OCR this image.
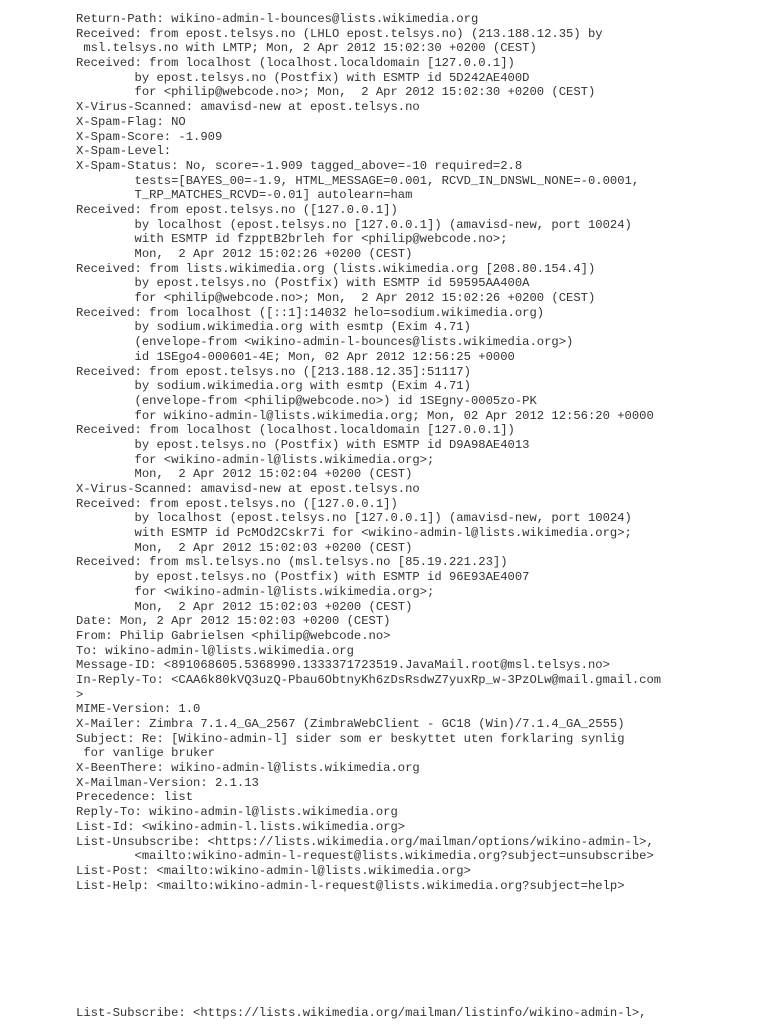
Return-Path: wikino-admin-l-bounces@lists.wikimedia.org
Received: from epost.telsys.no (LHLO epost.telsys.no) (213.188.12.35) by
msl.telsys.no with LMTP; Mon, 2 Apr 2012 15:02:30 +0200 (CEST)
Received: from localhost (localhost.localdomain [127.0.0.1])
by epost.telsys.no (Postfix) with ESMTP id 5D242AE400D
for <philip@webcode.no>; Mon,  2 Apr 2012 15:02:30 +0200 (CEST)
X-Virus-Scanned: amavisd-new at epost.telsys.no
X-Spam-Flag: NO
X-Spam-Score: -1.909
X-Spam-Level:
X-Spam-Status: No, score=-1.909 tagged_above=-10 required=2.8
tests=[BAYES_00=-1.9, HTML_MESSAGE=0.001, RCVD_IN_DNSWL_NONE=-0.0001,
T_RP_MATCHES_RCVD=-0.01] autolearn=ham
Received: from epost.telsys.no ([127.0.0.1])
by localhost (epost.telsys.no [127.0.0.1]) (amavisd-new, port 10024)
with ESMTP id fzpptB2brleh for <philip@webcode.no>;
Mon,  2 Apr 2012 15:02:26 +0200 (CEST)
Received: from lists.wikimedia.org (lists.wikimedia.org [208.80.154.4])
by epost.telsys.no (Postfix) with ESMTP id 59595AA400A
for <philip@webcode.no>; Mon,  2 Apr 2012 15:02:26 +0200 (CEST)
Received: from localhost ([::1]:14032 helo=sodium.wikimedia.org)
by sodium.wikimedia.org with esmtp (Exim 4.71)
(envelope-from <wikino-admin-l-bounces@lists.wikimedia.org>)
id 1SEgo4-000601-4E; Mon, 02 Apr 2012 12:56:25 +0000
Received: from epost.telsys.no ([213.188.12.35]:51117)
by sodium.wikimedia.org with esmtp (Exim 4.71)
(envelope-from <philip@webcode.no>) id 1SEgny-0005zo-PK
for wikino-admin-l@lists.wikimedia.org; Mon, 02 Apr 2012 12:56:20 +0000
Received: from localhost (localhost.localdomain [127.0.0.1])
by epost.telsys.no (Postfix) with ESMTP id D9A98AE4013
for <wikino-admin-l@lists.wikimedia.org>;
Mon,  2 Apr 2012 15:02:04 +0200 (CEST)
X-Virus-Scanned: amavisd-new at epost.telsys.no
Received: from epost.telsys.no ([127.0.0.1])
by localhost (epost.telsys.no [127.0.0.1]) (amavisd-new, port 10024)
with ESMTP id PcMOd2Cskr7i for <wikino-admin-l@lists.wikimedia.org>;
Mon,  2 Apr 2012 15:02:03 +0200 (CEST)
Received: from msl.telsys.no (msl.telsys.no [85.19.221.23])
by epost.telsys.no (Postfix) with ESMTP id 96E93AE4007
for <wikino-admin-l@lists.wikimedia.org>;
Mon,  2 Apr 2012 15:02:03 +0200 (CEST)
Date: Mon, 2 Apr 2012 15:02:03 +0200 (CEST)
From: Philip Gabrielsen <philip@webcode.no>
To: wikino-admin-l@lists.wikimedia.org
Message-ID: <891068605.5368990.1333371723519.JavaMail.root@msl.telsys.no>
In-Reply-To: <CAA6k80kVQ3uzQ-Pbau6ObtnyKh6zDsRsdwZ7yuxRp_w-3PzOLw@mail.gmail.com
>
MIME-Version: 1.0
X-Mailer: Zimbra 7.1.4_GA_2567 (ZimbraWebClient - GC18 (Win)/7.1.4_GA_2555)
Subject: Re: [Wikino-admin-l] sider som er beskyttet uten forklaring synlig
for vanlige bruker
X-BeenThere: wikino-admin-l@lists.wikimedia.org
X-Mailman-Version: 2.1.13
Precedence: list
Reply-To: wikino-admin-l@lists.wikimedia.org
List-Id: <wikino-admin-l.lists.wikimedia.org>
List-Unsubscribe: <https://lists.wikimedia.org/mailman/options/wikino-admin-l>,
<mailto:wikino-admin-l-request@lists.wikimedia.org?subject=unsubscribe>
List-Post: <mailto:wikino-admin-l@lists.wikimedia.org>
List-Help: <mailto:wikino-admin-l-request@lists.wikimedia.org?subject=help>
List-Subscribe: <https://lists.wikimedia.org/mailman/listinfo/wikino-admin-l>,
